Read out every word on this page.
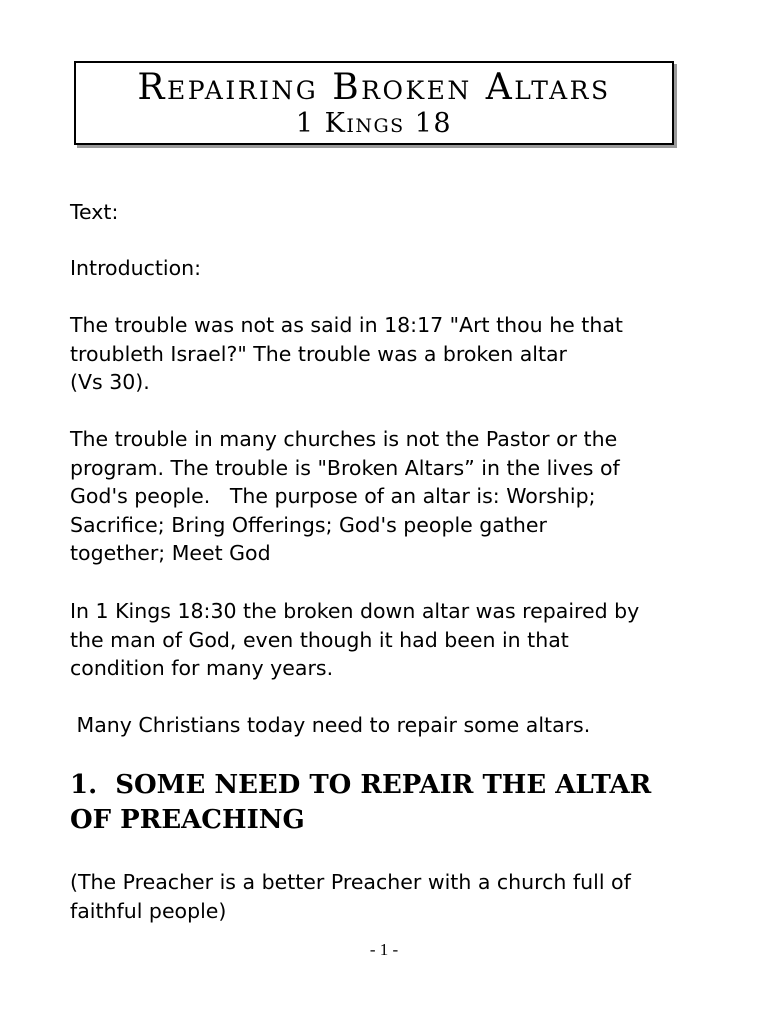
Repairing Broken Altars
1 Kings 18

Text:

Introduction:

The trouble was not as said in 18:17 "Art thou he that
troubleth Israel?" The trouble was a broken altar
(Vs 30).
The trouble in many churches is not the Pastor or the
program. The trouble is "Broken Altars” in the lives of
God's people.   The purpose of an altar is: Worship;
Sacrifice; Bring Offerings; God's people gather
together; Meet God
In 1 Kings 18:30 the broken down altar was repaired by
the man of God, even though it had been in that
condition for many years.
Many Christians today need to repair some altars.
1.  SOME NEED TO REPAIR THE ALTAR
OF PREACHING
(The Preacher is a better Preacher with a church full of
faithful people)
- 1 -
